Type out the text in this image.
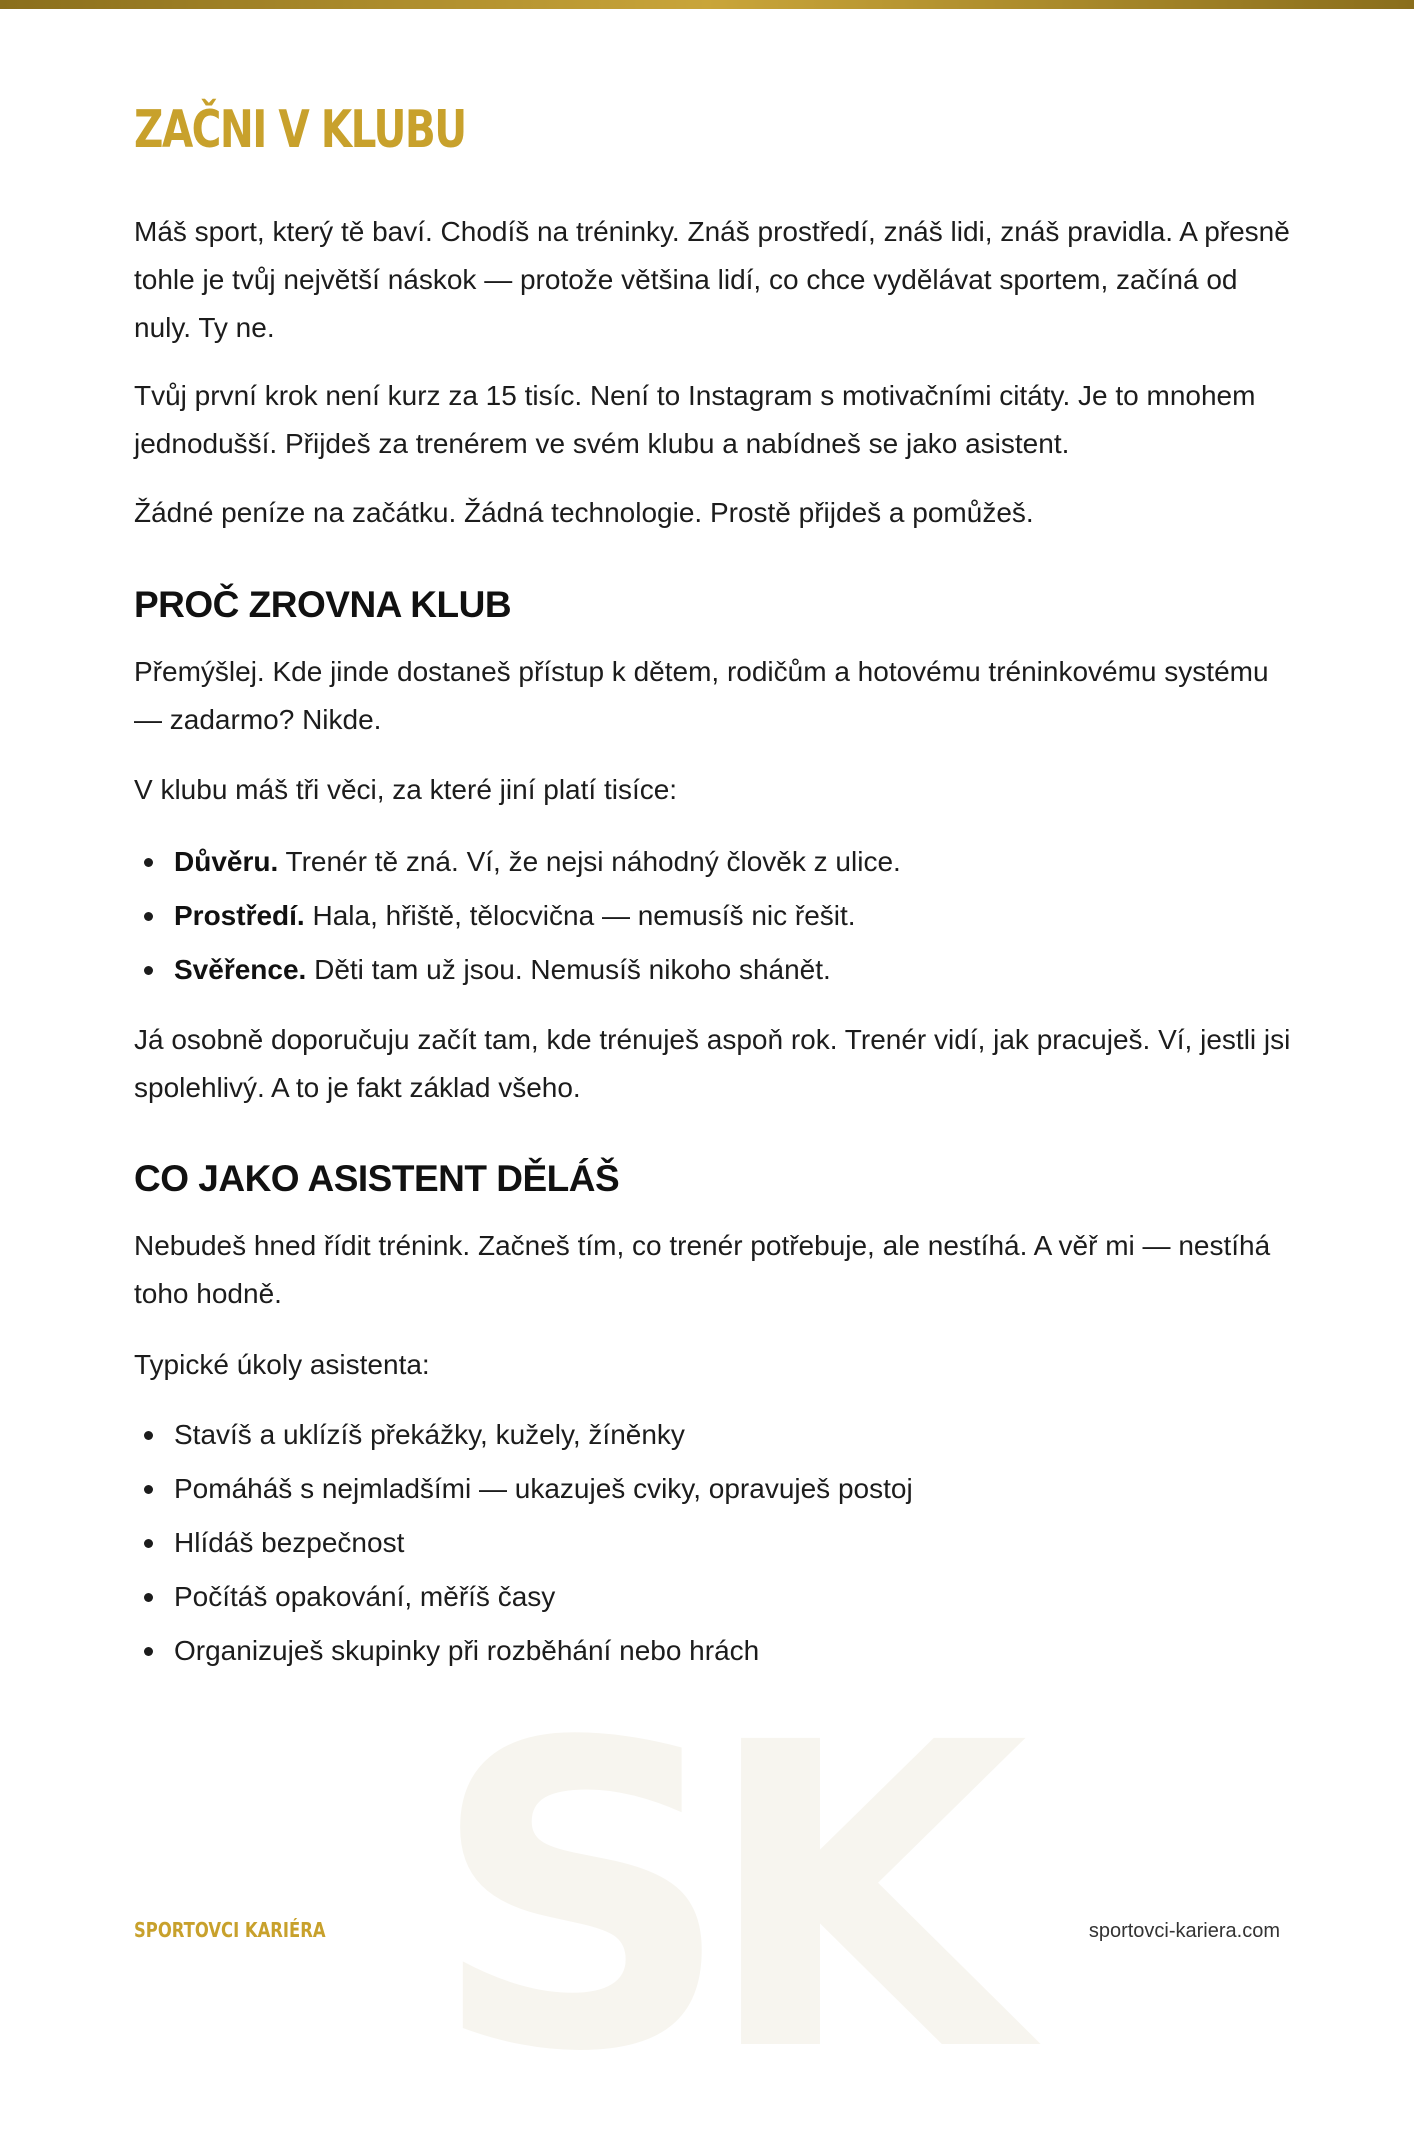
SK
ZAČNI V KLUBU

Máš sport, který tě baví. Chodíš na tréninky. Znáš prostředí, znáš lidi, znáš pravidla. A přesně tohle je tvůj největší náskok — protože většina lidí, co chce vydělávat sportem, začíná od nuly. Ty ne.

Tvůj první krok není kurz za 15 tisíc. Není to Instagram s motivačními citáty. Je to mnohem jednodušší. Přijdeš za trenérem ve svém klubu a nabídneš se jako asistent.

Žádné peníze na začátku. Žádná technologie. Prostě přijdeš a pomůžeš.

PROČ ZROVNA KLUB

Přemýšlej. Kde jinde dostaneš přístup k dětem, rodičům a hotovému tréninkovému systému — zadarmo? Nikde.

V klubu máš tři věci, za které jiní platí tisíce:

Důvěru. Trenér tě zná. Ví, že nejsi náhodný člověk z ulice.
Prostředí. Hala, hřiště, tělocvična — nemusíš nic řešit.
Svěřence. Děti tam už jsou. Nemusíš nikoho shánět.

Já osobně doporučuju začít tam, kde trénuješ aspoň rok. Trenér vidí, jak pracuješ. Ví, jestli jsi spolehlivý. A to je fakt základ všeho.

CO JAKO ASISTENT DĚLÁŠ

Nebudeš hned řídit trénink. Začneš tím, co trenér potřebuje, ale nestíhá. A věř mi — nestíhá toho hodně.

Typické úkoly asistenta:

Stavíš a uklízíš překážky, kužely, žíněnky
Pomáháš s nejmladšími — ukazuješ cviky, opravuješ postoj
Hlídáš bezpečnost
Počítáš opakování, měříš časy
Organizuješ skupinky při rozběhání nebo hrách
SPORTOVCI KARIÉRA	sportovci-kariera.com
